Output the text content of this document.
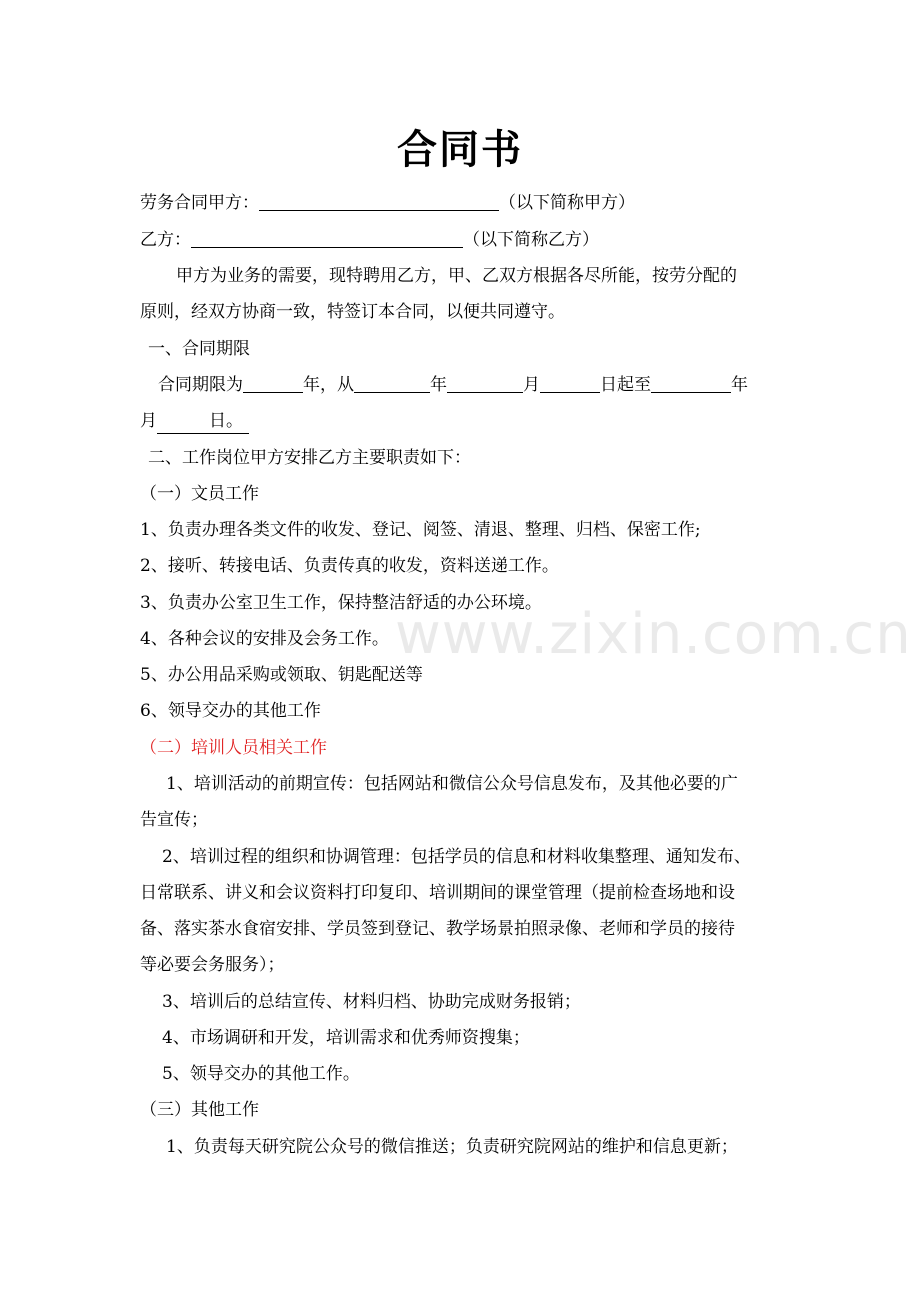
合同书
劳务合同甲方：	（以下简称甲方）
乙方：	（以下简称乙方）
甲方为业务的需要，现特聘用乙方，甲、乙双方根据各尽所能，按劳分配的
原则，经双方协商一致，特签订本合同，以便共同遵守。
一、合同期限
合同期限为	年，从	年	月	日起至	年
月	日。
二、工作岗位甲方安排乙方主要职责如下：
（一）文员工作
1、负责办理各类文件的收发、登记、阅签、清退、整理、归档、保密工作;
2、接听、转接电话、负责传真的收发，资料送递工作。
3、负责办公室卫生工作，保持整洁舒适的办公环境。
4、各种会议的安排及会务工作。
5、办公用品采购或领取、钥匙配送等
6、领导交办的其他工作
（二）培训人员相关工作
1、培训活动的前期宣传：包括网站和微信公众号信息发布，及其他必要的广
告宣传；
2、培训过程的组织和协调管理：包括学员的信息和材料收集整理、通知发布、
日常联系、讲义和会议资料打印复印、培训期间的课堂管理（提前检查场地和设
备、落实茶水食宿安排、学员签到登记、教学场景拍照录像、老师和学员的接待
等必要会务服务）；
3、培训后的总结宣传、材料归档、协助完成财务报销；
4、市场调研和开发，培训需求和优秀师资搜集；
5、领导交办的其他工作。
（三）其他工作
1、负责每天研究院公众号的微信推送；负责研究院网站的维护和信息更新；
www.zixin.com.cn
